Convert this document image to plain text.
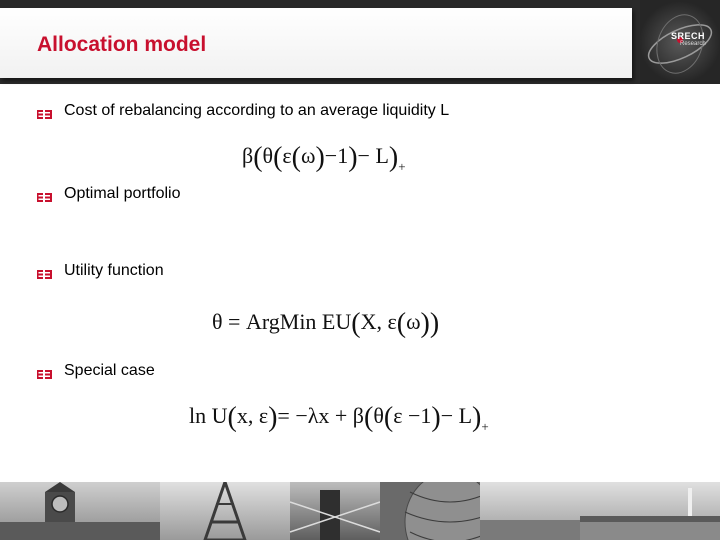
Allocation model	SRECH
Research
Cost of rebalancing according to an average liquidity L
$\beta(\theta(\varepsilon(\omega)-1)- L)_+$
Optimal portfolio
Utility function
θ = ArgMin EU(X, ε(ω))
Special case
ln U(x, $\varepsilon)= -\lambda x + \beta(\theta(\varepsilon -1)- L)_+$
